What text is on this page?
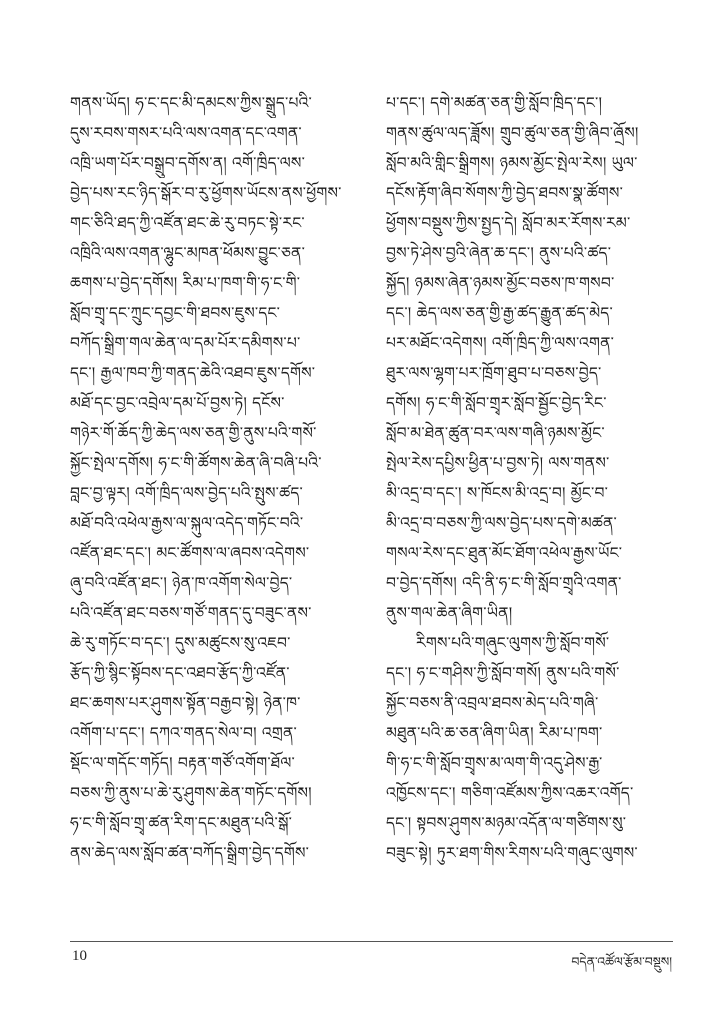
གནས་ཡོད། ཧ་ང་དང་མི་དམངས་ཀྱིས་སྒྲུད་པའི་
དུས་རབས་གསར་པའི་ལས་འགན་དང་འགན་
འཁྲི་ཡག་པོར་བསྒྲུབ་དགོས་ན། འགོ་ཁྲིད་ལས་
བྱེད་པས་རང་ཉིད་སྒོར་བ་རུ་ཕྱོགས་ཡོངས་ནས་ཕྱོགས་
གང་ཅིའི་ཐད་ཀྱི་འཛོན་ཐང་ཆེ་རུ་བཏང་སྟེ་རང་
འཁྲིའི་ལས་འགན་ལྷུང་མཁན་ཕོམས་བྱུང་ཅན་
ཆགས་པ་བྱེད་དགོས། རིམ་པ་ཁག་གི་ཧ་ང་གི་
སློབ་གྲྭ་དང་ཀྲུང་དབྱང་གི་ཐབས་ཇུས་དང་
བཀོད་སྒྲིག་གལ་ཆེན་ལ་དམ་པོར་དམིགས་པ་
དང་། རྒྱལ་ཁབ་ཀྱི་གནད་ཆེའི་འཐབ་ཇུས་དགོས་
མཐོ་དང་བྱང་འབྲེལ་དམ་པོ་བྱས་ཏེ། དངོས་
གཉེར་གོ་ཆོད་ཀྱི་ཆེད་ལས་ཅན་གྱི་ནུས་པའི་གསོ་
སྐྱོང་སྤེལ་དགོས། ཧ་ང་གི་ཚོགས་ཆེན་ཞི་བཞི་པའི་
བླང་བྱ་ལྟར། འགོ་ཁྲིད་ལས་བྱེད་པའི་སྤུས་ཚད་
མཐོ་བའི་འཕེལ་རྒྱས་ལ་སྐུལ་འདེད་གཏོང་བའི་
འཛོན་ཐང་དང་། མང་ཚོགས་ལ་ཞབས་འདེགས་
ཞུ་བའི་འཛོན་ཐང་། ཉེན་ཁ་འགོག་སེལ་བྱེད་
པའི་འཛོན་ཐང་བཅས་གཙོ་གནད་དུ་བཟུང་ནས་
ཆེ་རུ་གཏོང་བ་དང་། དུས་མཚུངས་སུ་འཇབ་
རྩོད་ཀྱི་སྙིང་སྟོབས་དང་འཐབ་རྩོད་ཀྱི་འཛོན་
ཐང་ཆགས་པར་ཤུགས་སྟོན་བརྒྱབ་སྟེ། ཉེན་ཁ་
འགོག་པ་དང་། དཀའ་གནད་སེལ་བ། འགྲན་
སྡོང་ལ་གདོང་གཏོད། བརྟན་གཙོ་འགོག་ཐོལ་
བཅས་ཀྱི་ནུས་པ་ཆེ་རུ་ཤུགས་ཆེན་གཏོང་དགོས།
ཧ་ང་གི་སློབ་གྲྭ་ཚན་རིག་དང་མཐུན་པའི་སྒོ་
ནས་ཆེད་ལས་སློབ་ཚན་བཀོད་སྒྲིག་བྱེད་དགོས་
པ་དང་། དགེ་མཚན་ཅན་གྱི་སློབ་ཁྲིད་དང་།
གནས་ཚུལ་ལད་ཟློས། གྲུབ་ཚུལ་ཅན་གྱི་ཞིབ་ཞྲོས།
སློབ་མའི་གླིང་སྒྲིགས། ཉམས་མྱོང་སྤེལ་རེས། ཡུལ་
དངོས་རྟོག་ཞིབ་སོགས་ཀྱི་བྱེད་ཐབས་སྣ་ཚོགས་
ཕྱོགས་བསྡུས་ཀྱིས་སྤྱད་དེ། སློབ་མར་རོགས་རམ་
བྱས་ཏེ་ཤེས་བྱའི་ཞེན་ཆ་དང་། ནུས་པའི་ཚད་
སྐྱོད། ཉམས་ཞེན་ཉམས་མྱོང་བཅས་ཁ་གསབ་
དང་། ཆེད་ལས་ཅན་གྱི་རྒྱ་ཚད་རྒྱུན་ཚད་མེད་
པར་མཐོང་འདེགས། འགོ་ཁྲིད་ཀྱི་ལས་འགན་
ཐུར་ལས་ལྷག་པར་ཁྲོག་ཐུབ་པ་བཅས་བྱེད་
དགོས། ཧ་ང་གི་སློབ་གྲྭར་སློབ་སྦྱོང་བྱེད་རིང་
སློབ་མ་ཐེན་ཚུན་བར་ལས་གཞི་ཉམས་མྱོང་
སྤེལ་རེས་དཔྱིས་ཕྱིན་པ་བྱས་ཏེ། ལས་གནས་
མི་འདྲ་བ་དང་། ས་ཁོངས་མི་འདྲ་བ། མྱོང་བ་
མི་འདྲ་བ་བཅས་ཀྱི་ལས་བྱེད་པས་དགེ་མཚན་
གསལ་རེས་དང་ཐུན་མོང་ཐོག་འཕེལ་རྒྱས་ཡོང་
བ་བྱེད་དགོས། འདི་ནི་ཧ་ང་གི་སློབ་གྲྭའི་འགན་
ནུས་གལ་ཆེན་ཞིག་ཡིན།
རིགས་པའི་གཞུང་ལུགས་ཀྱི་སློབ་གསོ་
དང་། ཧ་ང་གཤིས་ཀྱི་སློབ་གསོ། ནུས་པའི་གསོ་
སྐྱོང་བཅས་ནི་འབྲལ་ཐབས་མེད་པའི་གཞི་
མཐུན་པའི་ཆ་ཅན་ཞིག་ཡིན། རིམ་པ་ཁག་
གི་ཧ་ང་གི་སློབ་གྲྭས་མ་ལག་གི་འདུ་ཤེས་རྒྱ་
འཁྱོངས་དང་། གཅིག་འཛོམས་ཀྱིས་འཆར་འགོད་
དང་། སྟབས་ཤུགས་མཉམ་འདོན་ལ་གཙིགས་སུ་
བཟུང་སྟེ། ཏུར་ཐག་གིས་རིགས་པའི་གཞུང་ལུགས་
10	བདེན་འཚོལ་རྩོམ་བསྡུས།
